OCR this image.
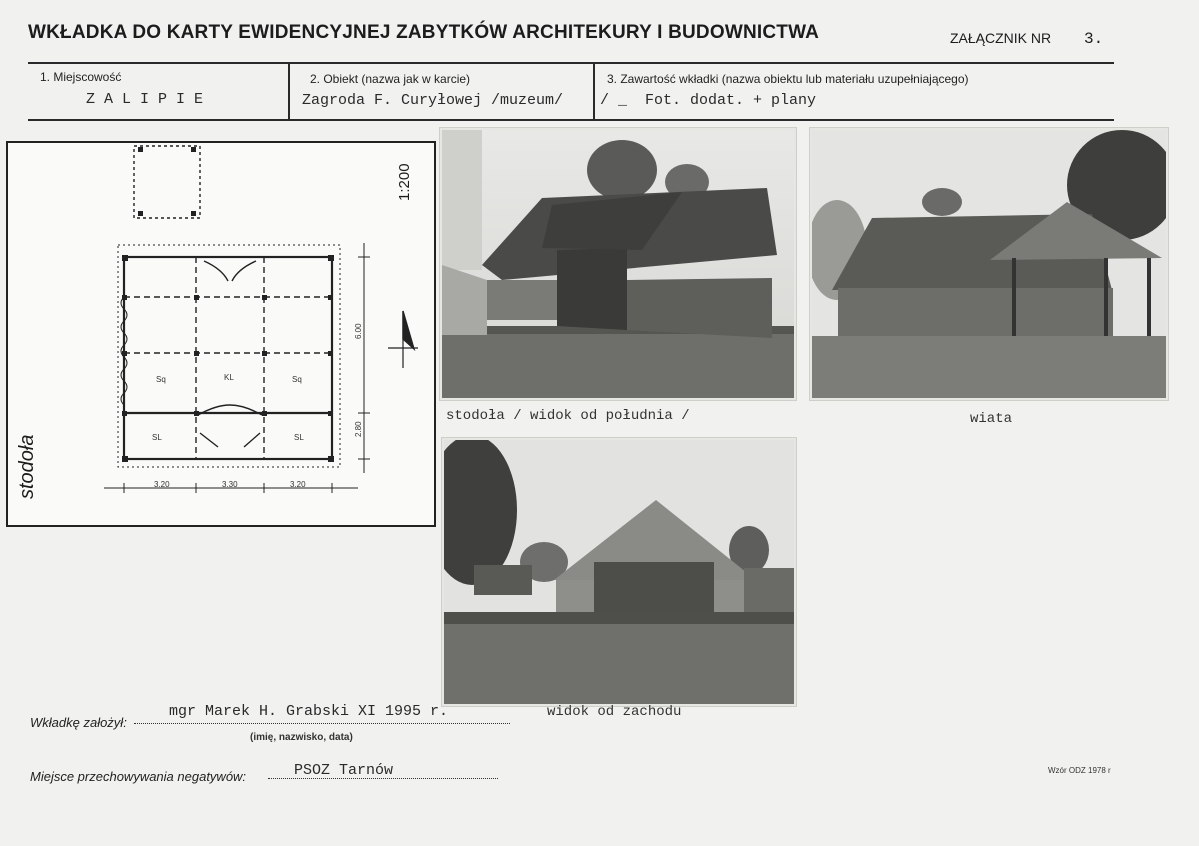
WKŁADKA DO KARTY EWIDENCYJNEJ ZABYTKÓW ARCHITEKURY I BUDOWNICTWA	ZAŁĄCZNIK NR 3.
1. Miejscowość
ZALIPIE
2. Obiekt (nazwa jak w karcie)
Zagroda F. Curyłowej /muzeum/
3. Zawartość wkładki (nazwa obiektu lub materiału uzupełniającego)
/ _ Fot. dodat. + plany
1:200
stodoła
Sq	KL	Sq
SL	SL
3.20	3.30	3.20
6.00
2.80
stodoła / widok od południa /	wiata
widok od zachodu
Wkładkę założył:
mgr Marek H. Grabski XI 1995 r.
(imię, nazwisko, data)
Miejsce przechowywania negatywów:	PSOZ Tarnów	Wzór ODZ 1978 r
